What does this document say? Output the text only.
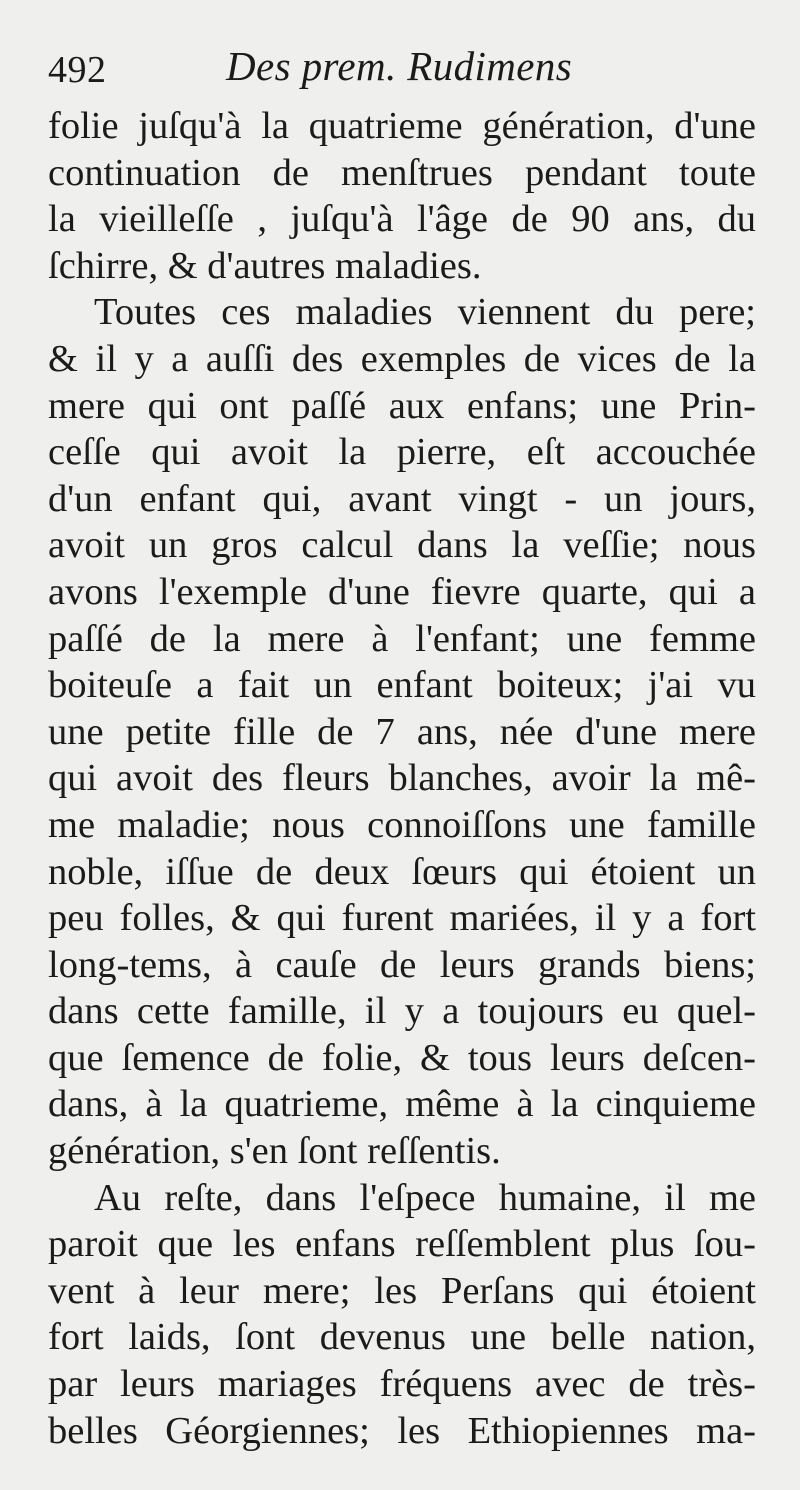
492	Des prem. Rudimens
folie juſqu'à la quatrieme génération, d'une
continuation de menſtrues pendant toute
la vieilleſſe , juſqu'à l'âge de 90 ans, du
ſchirre, & d'autres maladies.
Toutes ces maladies viennent du pere;
& il y a auſſi des exemples de vices de la
mere qui ont paſſé aux enfans; une Prin-
ceſſe qui avoit la pierre, eſt accouchée
d'un enfant qui, avant vingt - un jours,
avoit un gros calcul dans la veſſie; nous
avons l'exemple d'une fievre quarte, qui a
paſſé de la mere à l'enfant; une femme
boiteuſe a fait un enfant boiteux; j'ai vu
une petite fille de 7 ans, née d'une mere
qui avoit des fleurs blanches, avoir la mê-
me maladie; nous connoiſſons une famille
noble, iſſue de deux ſœurs qui étoient un
peu folles, & qui furent mariées, il y a fort
long-tems, à cauſe de leurs grands biens;
dans cette famille, il y a toujours eu quel-
que ſemence de folie, & tous leurs deſcen-
dans, à la quatrieme, même à la cinquieme
génération, s'en ſont reſſentis.
Au reſte, dans l'eſpece humaine, il me
paroit que les enfans reſſemblent plus ſou-
vent à leur mere; les Perſans qui étoient
fort laids, ſont devenus une belle nation,
par leurs mariages fréquens avec de très-
belles Géorgiennes; les Ethiopiennes ma-
